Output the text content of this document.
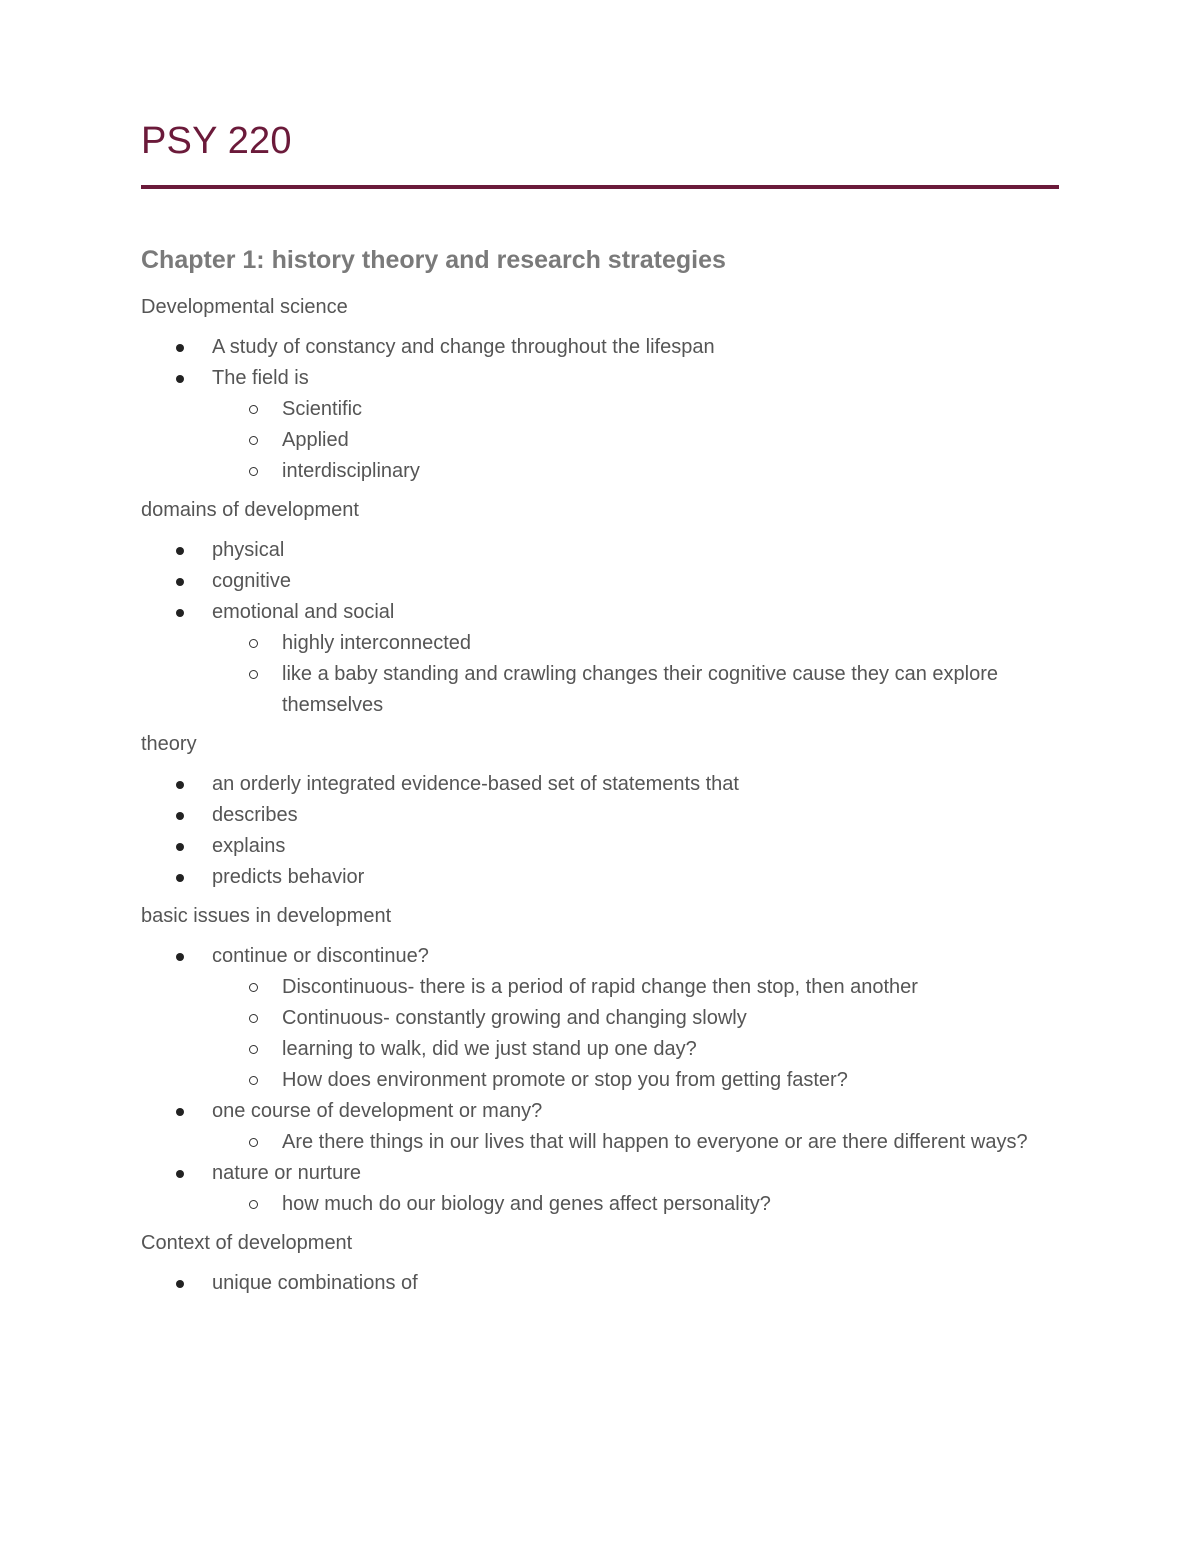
PSY 220
Chapter 1: history theory and research strategies

Developmental science

A study of constancy and change throughout the lifespan
The field is
Scientific
Applied
interdisciplinary

domains of development

physical
cognitive
emotional and social
highly interconnected
like a baby standing and crawling changes their cognitive cause they can explore themselves

theory

an orderly integrated evidence-based set of statements that
describes
explains
predicts behavior

basic issues in development

continue or discontinue?
Discontinuous- there is a period of rapid change then stop, then another
Continuous- constantly growing and changing slowly
learning to walk, did we just stand up one day?
How does environment promote or stop you from getting faster?
one course of development or many?
Are there things in our lives that will happen to everyone or are there different ways?
nature or nurture
how much do our biology and genes affect personality?

Context of development

unique combinations of
